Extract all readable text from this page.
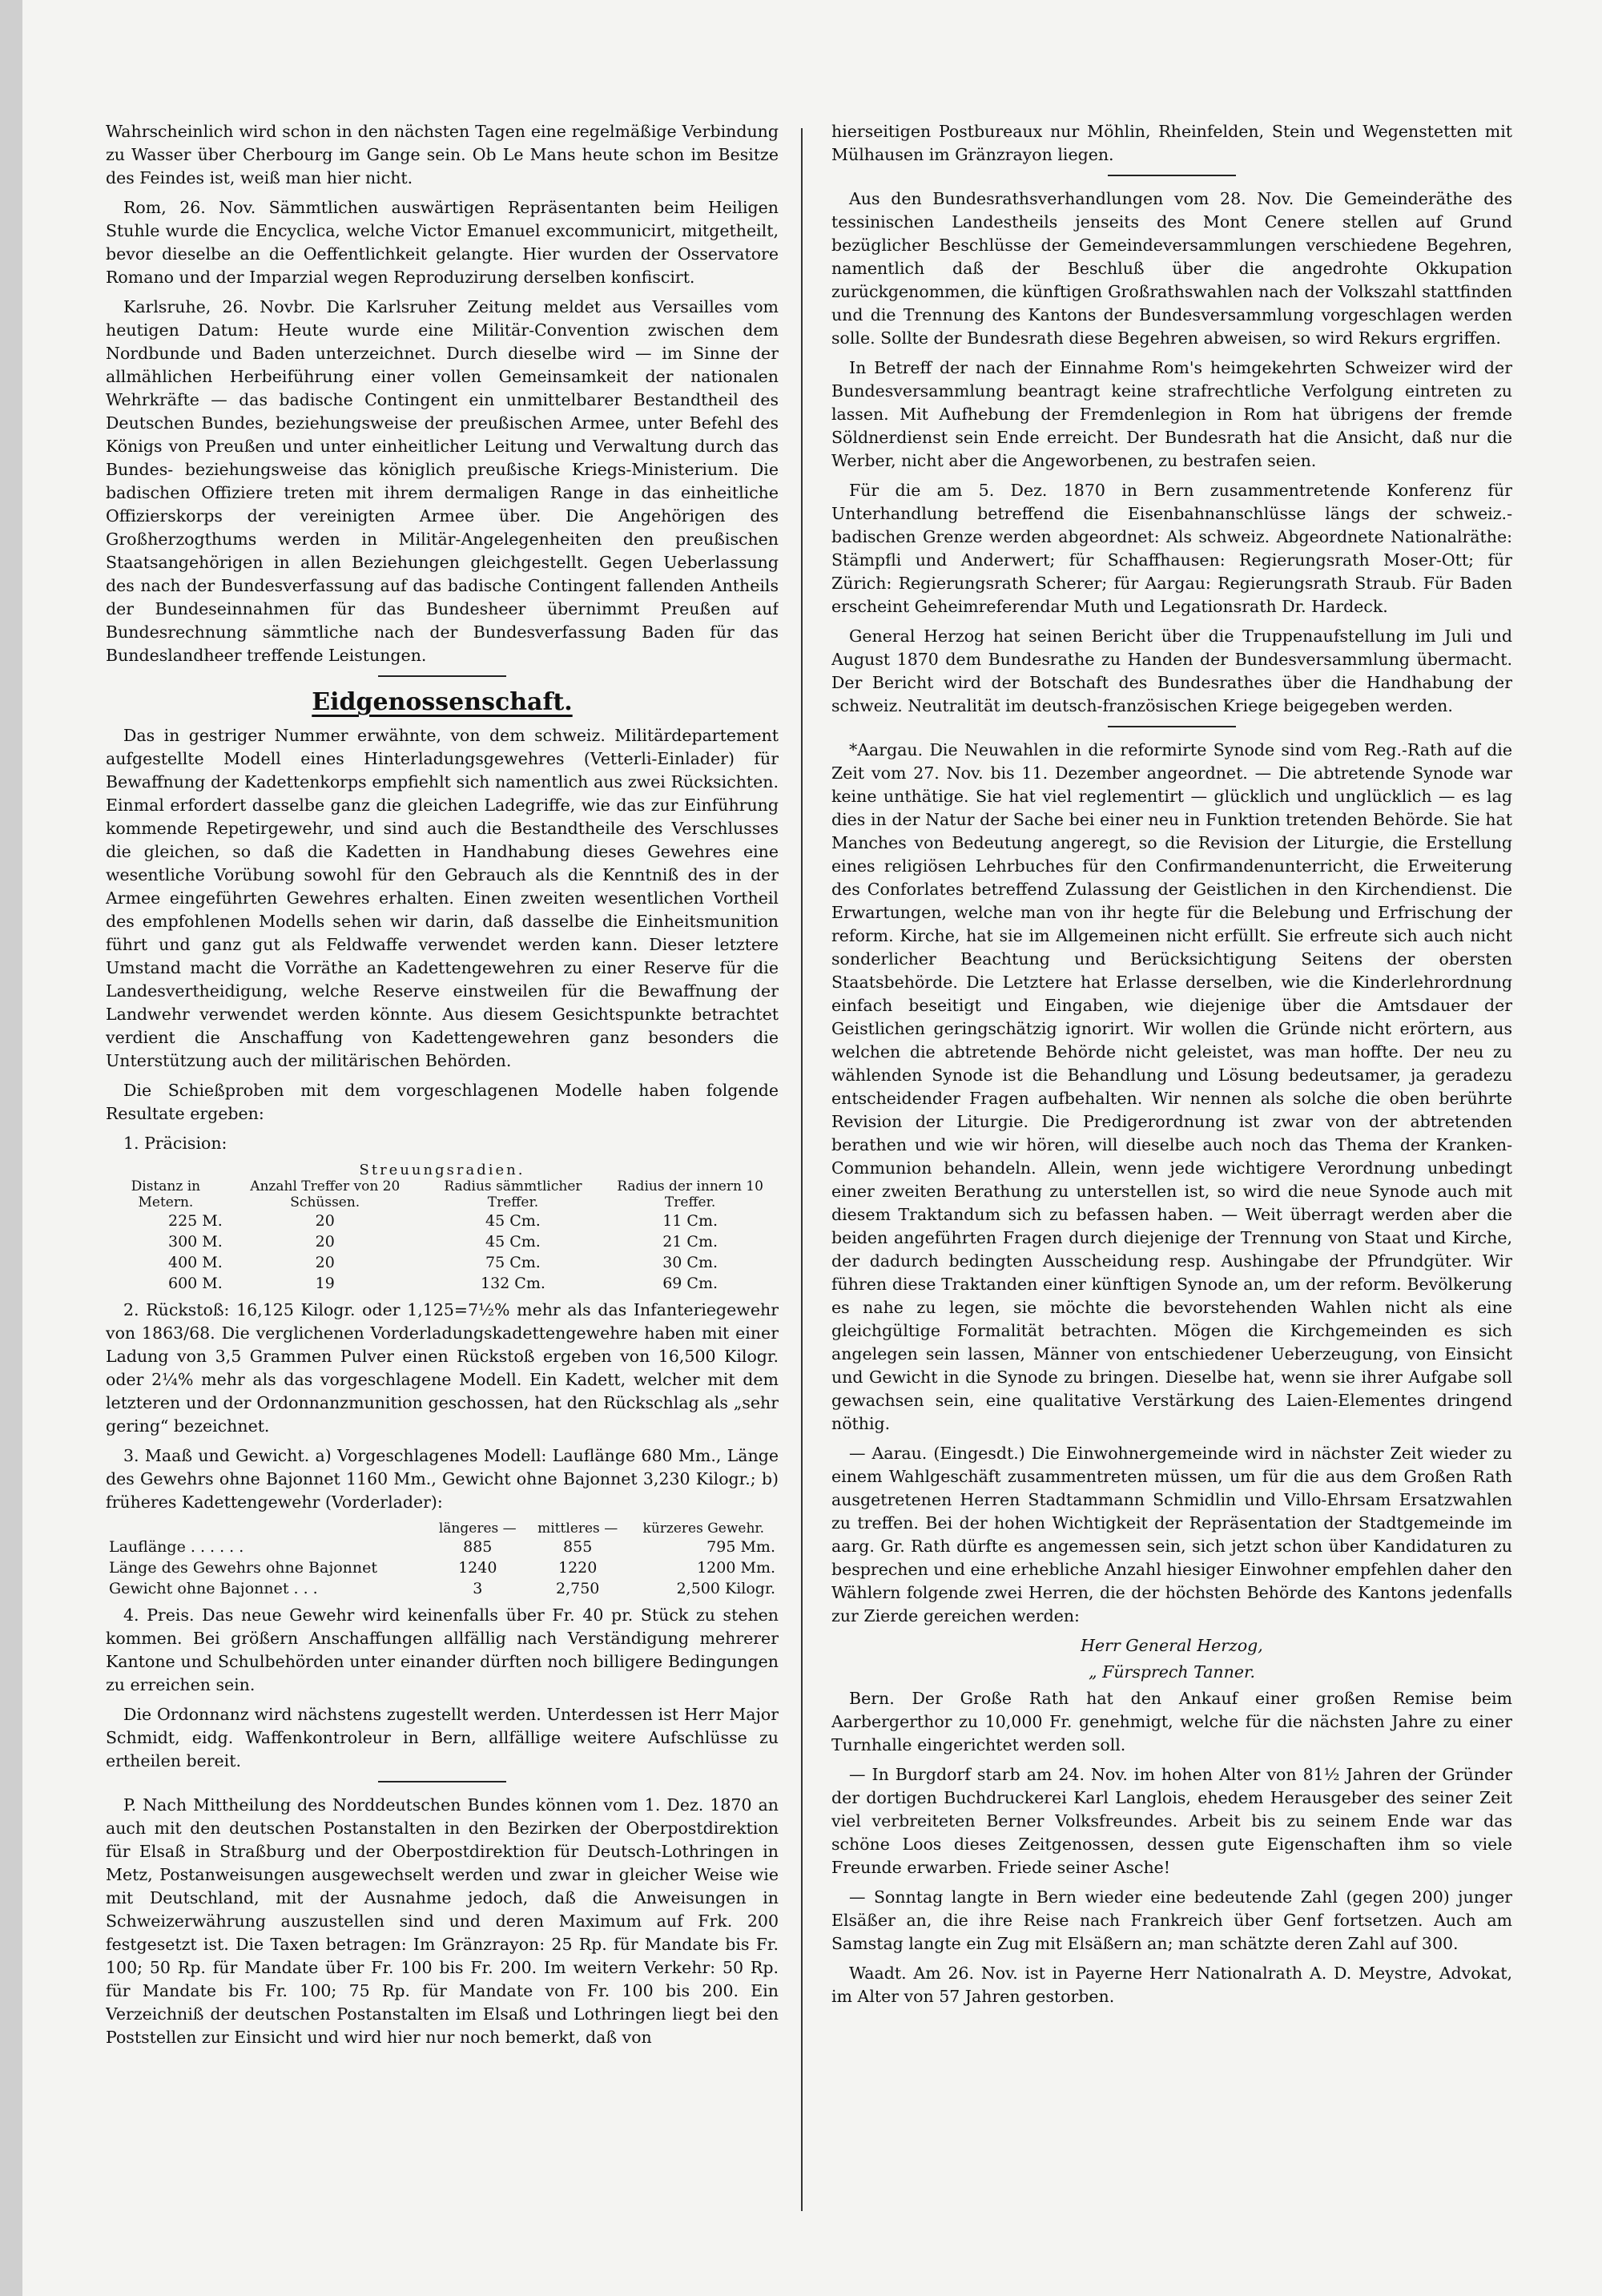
Wahrscheinlich wird schon in den nächsten Tagen eine regelmäßige Verbindung zu Wasser über Cherbourg im Gange sein. Ob Le Mans heute schon im Besitze des Feindes ist, weiß man hier nicht.

Rom, 26. Nov. Sämmtlichen auswärtigen Repräsentanten beim Heiligen Stuhle wurde die Encyclica, welche Victor Emanuel excommunicirt, mitgetheilt, bevor dieselbe an die Oeffentlichkeit gelangte. Hier wurden der Osservatore Romano und der Imparzial wegen Reproduzirung derselben konfiscirt.

Karlsruhe, 26. Novbr. Die Karlsruher Zeitung meldet aus Versailles vom heutigen Datum: Heute wurde eine Militär-Convention zwischen dem Nordbunde und Baden unterzeichnet. Durch dieselbe wird — im Sinne der allmählichen Herbeiführung einer vollen Gemeinsamkeit der nationalen Wehrkräfte — das badische Contingent ein unmittelbarer Bestandtheil des Deutschen Bundes, beziehungsweise der preußischen Armee, unter Befehl des Königs von Preußen und unter einheitlicher Leitung und Verwaltung durch das Bundes- beziehungsweise das königlich preußische Kriegs-Ministerium. Die badischen Offiziere treten mit ihrem dermaligen Range in das einheitliche Offizierskorps der vereinigten Armee über. Die Angehörigen des Großherzogthums werden in Militär-Angelegenheiten den preußischen Staatsangehörigen in allen Beziehungen gleichgestellt. Gegen Ueberlassung des nach der Bundesverfassung auf das badische Contingent fallenden Antheils der Bundeseinnahmen für das Bundesheer übernimmt Preußen auf Bundesrechnung sämmtliche nach der Bundesverfassung Baden für das Bundeslandheer treffende Leistungen.

Eidgenossenschaft.

Das in gestriger Nummer erwähnte, von dem schweiz. Militärdepartement aufgestellte Modell eines Hinterladungsgewehres (Vetterli-Einlader) für Bewaffnung der Kadettenkorps empfiehlt sich namentlich aus zwei Rücksichten. Einmal erfordert dasselbe ganz die gleichen Ladegriffe, wie das zur Einführung kommende Repetirgewehr, und sind auch die Bestandtheile des Verschlusses die gleichen, so daß die Kadetten in Handhabung dieses Gewehres eine wesentliche Vorübung sowohl für den Gebrauch als die Kenntniß des in der Armee eingeführten Gewehres erhalten. Einen zweiten wesentlichen Vortheil des empfohlenen Modells sehen wir darin, daß dasselbe die Einheitsmunition führt und ganz gut als Feldwaffe verwendet werden kann. Dieser letztere Umstand macht die Vorräthe an Kadettengewehren zu einer Reserve für die Landesvertheidigung, welche Reserve einstweilen für die Bewaffnung der Landwehr verwendet werden könnte. Aus diesem Gesichtspunkte betrachtet verdient die Anschaffung von Kadettengewehren ganz besonders die Unterstützung auch der militärischen Behörden.

Die Schießproben mit dem vorgeschlagenen Modelle haben folgende Resultate ergeben:

1. Präcision:

Streuungsradien.
Distanz in Metern.	Anzahl Treffer von 20 Schüssen.	Radius sämmtlicher Treffer.	Radius der innern 10 Treffer.
225 M.	20	45 Cm.	11 Cm.
300 M.	20	45 Cm.	21 Cm.
400 M.	20	75 Cm.	30 Cm.
600 M.	19	132 Cm.	69 Cm.

2. Rückstoß: 16,125 Kilogr. oder 1,125=7½% mehr als das Infanteriegewehr von 1863/68. Die verglichenen Vorderladungskadettengewehre haben mit einer Ladung von 3,5 Grammen Pulver einen Rückstoß ergeben von 16,500 Kilogr. oder 2¼% mehr als das vorgeschlagene Modell. Ein Kadett, welcher mit dem letzteren und der Ordonnanzmunition geschossen, hat den Rückschlag als „sehr gering“ bezeichnet.

3. Maaß und Gewicht. a) Vorgeschlagenes Modell: Lauflänge 680 Mm., Länge des Gewehrs ohne Bajonnet 1160 Mm., Gewicht ohne Bajonnet 3,230 Kilogr.; b) früheres Kadettengewehr (Vorderlader):

	längeres —	mittleres —	kürzeres Gewehr.
Lauflänge . . . . . .	885	855	795 Mm.
Länge des Gewehrs ohne Bajonnet	1240	1220	1200 Mm.
Gewicht ohne Bajonnet . . .	3	2,750	2,500 Kilogr.

4. Preis. Das neue Gewehr wird keinenfalls über Fr. 40 pr. Stück zu stehen kommen. Bei größern Anschaffungen allfällig nach Verständigung mehrerer Kantone und Schulbehörden unter einander dürften noch billigere Bedingungen zu erreichen sein.

Die Ordonnanz wird nächstens zugestellt werden. Unterdessen ist Herr Major Schmidt, eidg. Waffenkontroleur in Bern, allfällige weitere Aufschlüsse zu ertheilen bereit.

P. Nach Mittheilung des Norddeutschen Bundes können vom 1. Dez. 1870 an auch mit den deutschen Postanstalten in den Bezirken der Oberpostdirektion für Elsaß in Straßburg und der Oberpostdirektion für Deutsch-Lothringen in Metz, Postanweisungen ausgewechselt werden und zwar in gleicher Weise wie mit Deutschland, mit der Ausnahme jedoch, daß die Anweisungen in Schweizerwährung auszustellen sind und deren Maximum auf Frk. 200 festgesetzt ist. Die Taxen betragen: Im Gränzrayon: 25 Rp. für Mandate bis Fr. 100; 50 Rp. für Mandate über Fr. 100 bis Fr. 200. Im weitern Verkehr: 50 Rp. für Mandate bis Fr. 100; 75 Rp. für Mandate von Fr. 100 bis 200. Ein Verzeichniß der deutschen Postanstalten im Elsaß und Lothringen liegt bei den Poststellen zur Einsicht und wird hier nur noch bemerkt, daß von

hierseitigen Postbureaux nur Möhlin, Rheinfelden, Stein und Wegenstetten mit Mülhausen im Gränzrayon liegen.

Aus den Bundesrathsverhandlungen vom 28. Nov. Die Gemeinderäthe des tessinischen Landestheils jenseits des Mont Cenere stellen auf Grund bezüglicher Beschlüsse der Gemeindeversammlungen verschiedene Begehren, namentlich daß der Beschluß über die angedrohte Okkupation zurückgenommen, die künftigen Großrathswahlen nach der Volkszahl stattfinden und die Trennung des Kantons der Bundesversammlung vorgeschlagen werden solle. Sollte der Bundesrath diese Begehren abweisen, so wird Rekurs ergriffen.

In Betreff der nach der Einnahme Rom's heimgekehrten Schweizer wird der Bundesversammlung beantragt keine strafrechtliche Verfolgung eintreten zu lassen. Mit Aufhebung der Fremdenlegion in Rom hat übrigens der fremde Söldnerdienst sein Ende erreicht. Der Bundesrath hat die Ansicht, daß nur die Werber, nicht aber die Angeworbenen, zu bestrafen seien.

Für die am 5. Dez. 1870 in Bern zusammentretende Konferenz für Unterhandlung betreffend die Eisenbahnanschlüsse längs der schweiz.-badischen Grenze werden abgeordnet: Als schweiz. Abgeordnete Nationalräthe: Stämpfli und Anderwert; für Schaffhausen: Regierungsrath Moser-Ott; für Zürich: Regierungsrath Scherer; für Aargau: Regierungsrath Straub. Für Baden erscheint Geheimreferendar Muth und Legationsrath Dr. Hardeck.

General Herzog hat seinen Bericht über die Truppenaufstellung im Juli und August 1870 dem Bundesrathe zu Handen der Bundesversammlung übermacht. Der Bericht wird der Botschaft des Bundesrathes über die Handhabung der schweiz. Neutralität im deutsch-französischen Kriege beigegeben werden.

*Aargau. Die Neuwahlen in die reformirte Synode sind vom Reg.-Rath auf die Zeit vom 27. Nov. bis 11. Dezember angeordnet. — Die abtretende Synode war keine unthätige. Sie hat viel reglementirt — glücklich und unglücklich — es lag dies in der Natur der Sache bei einer neu in Funktion tretenden Behörde. Sie hat Manches von Bedeutung angeregt, so die Revision der Liturgie, die Erstellung eines religiösen Lehrbuches für den Confirmandenunterricht, die Erweiterung des Conforlates betreffend Zulassung der Geistlichen in den Kirchendienst. Die Erwartungen, welche man von ihr hegte für die Belebung und Erfrischung der reform. Kirche, hat sie im Allgemeinen nicht erfüllt. Sie erfreute sich auch nicht sonderlicher Beachtung und Berücksichtigung Seitens der obersten Staatsbehörde. Die Letztere hat Erlasse derselben, wie die Kinderlehrordnung einfach beseitigt und Eingaben, wie diejenige über die Amtsdauer der Geistlichen geringschätzig ignorirt. Wir wollen die Gründe nicht erörtern, aus welchen die abtretende Behörde nicht geleistet, was man hoffte. Der neu zu wählenden Synode ist die Behandlung und Lösung bedeutsamer, ja geradezu entscheidender Fragen aufbehalten. Wir nennen als solche die oben berührte Revision der Liturgie. Die Predigerordnung ist zwar von der abtretenden berathen und wie wir hören, will dieselbe auch noch das Thema der Kranken-Communion behandeln. Allein, wenn jede wichtigere Verordnung unbedingt einer zweiten Berathung zu unterstellen ist, so wird die neue Synode auch mit diesem Traktandum sich zu befassen haben. — Weit überragt werden aber die beiden angeführten Fragen durch diejenige der Trennung von Staat und Kirche, der dadurch bedingten Ausscheidung resp. Aushingabe der Pfrundgüter. Wir führen diese Traktanden einer künftigen Synode an, um der reform. Bevölkerung es nahe zu legen, sie möchte die bevorstehenden Wahlen nicht als eine gleichgültige Formalität betrachten. Mögen die Kirchgemeinden es sich angelegen sein lassen, Männer von entschiedener Ueberzeugung, von Einsicht und Gewicht in die Synode zu bringen. Dieselbe hat, wenn sie ihrer Aufgabe soll gewachsen sein, eine qualitative Verstärkung des Laien-Elementes dringend nöthig.

— Aarau. (Eingesdt.) Die Einwohnergemeinde wird in nächster Zeit wieder zu einem Wahlgeschäft zusammentreten müssen, um für die aus dem Großen Rath ausgetretenen Herren Stadtammann Schmidlin und Villo-Ehrsam Ersatzwahlen zu treffen. Bei der hohen Wichtigkeit der Repräsentation der Stadtgemeinde im aarg. Gr. Rath dürfte es angemessen sein, sich jetzt schon über Kandidaturen zu besprechen und eine erhebliche Anzahl hiesiger Einwohner empfehlen daher den Wählern folgende zwei Herren, die der höchsten Behörde des Kantons jedenfalls zur Zierde gereichen werden:

Herr General Herzog,

„ Fürsprech Tanner.

Bern. Der Große Rath hat den Ankauf einer großen Remise beim Aarbergerthor zu 10,000 Fr. genehmigt, welche für die nächsten Jahre zu einer Turnhalle eingerichtet werden soll.

— In Burgdorf starb am 24. Nov. im hohen Alter von 81½ Jahren der Gründer der dortigen Buchdruckerei Karl Langlois, ehedem Herausgeber des seiner Zeit viel verbreiteten Berner Volksfreundes. Arbeit bis zu seinem Ende war das schöne Loos dieses Zeitgenossen, dessen gute Eigenschaften ihm so viele Freunde erwarben. Friede seiner Asche!

— Sonntag langte in Bern wieder eine bedeutende Zahl (gegen 200) junger Elsäßer an, die ihre Reise nach Frankreich über Genf fortsetzen. Auch am Samstag langte ein Zug mit Elsäßern an; man schätzte deren Zahl auf 300.

Waadt. Am 26. Nov. ist in Payerne Herr Nationalrath A. D. Meystre, Advokat, im Alter von 57 Jahren gestorben.
